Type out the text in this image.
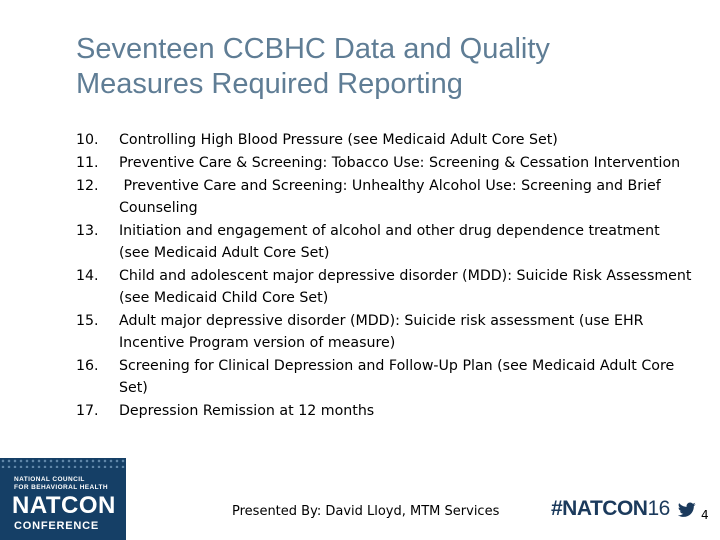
Seventeen CCBHC Data and Quality
Measures Required Reporting
10.	Controlling High Blood Pressure (see Medicaid Adult Core Set)
11.	Preventive Care & Screening: Tobacco Use: Screening & Cessation Intervention
12.	Preventive Care and Screening: Unhealthy Alcohol Use: Screening and Brief
Counseling
13.	Initiation and engagement of alcohol and other drug dependence treatment
(see Medicaid Adult Core Set)
14.	Child and adolescent major depressive disorder (MDD): Suicide Risk Assessment
(see Medicaid Child Core Set)
15.	Adult major depressive disorder (MDD): Suicide risk assessment (use EHR
Incentive Program version of measure)
16.	Screening for Clinical Depression and Follow-Up Plan (see Medicaid Adult Core
Set)
17.	Depression Remission at 12 months
NATIONAL COUNCIL
FOR BEHAVIORAL HEALTH
NATCON
CONFERENCE
Presented By: David Lloyd, MTM Services #NATCON16	4
